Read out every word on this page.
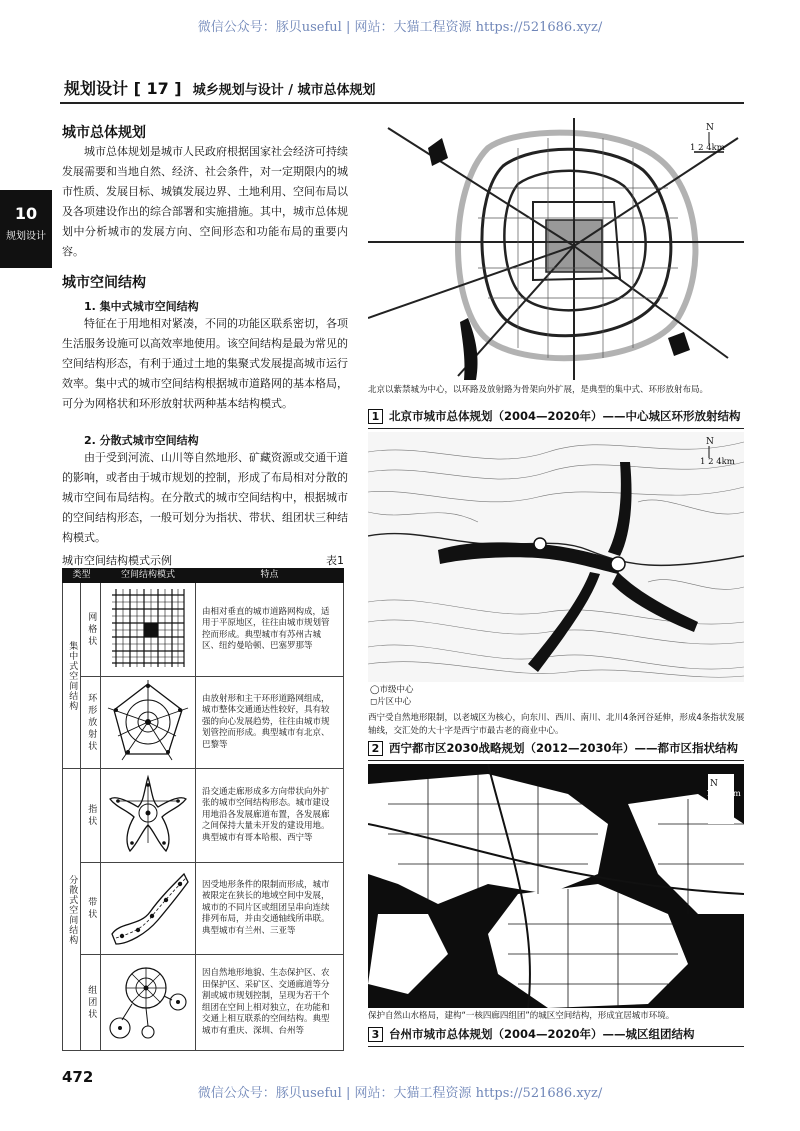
微信公众号：豚贝useful | 网站：大猫工程资源 https://521686.xyz/
规划设计 [ 17 ] 城乡规划与设计 / 城市总体规划
10
规划设计
城市总体规划
城市总体规划是城市人民政府根据国家社会经济可持续发展需要和当地自然、经济、社会条件，对一定期限内的城市性质、发展目标、城镇发展边界、土地利用、空间布局以及各项建设作出的综合部署和实施措施。其中，城市总体规划中分析城市的发展方向、空间形态和功能布局的重要内容。
城市空间结构
1. 集中式城市空间结构
特征在于用地相对紧凑，不同的功能区联系密切，各项生活服务设施可以高效率地使用。该空间结构是最为常见的空间结构形态，有利于通过土地的集聚式发展提高城市运行效率。集中式的城市空间结构根据城市道路网的基本格局，可分为网格状和环形放射状两种基本结构模式。
2. 分散式城市空间结构
由于受到河流、山川等自然地形、矿藏资源或交通干道的影响，或者由于城市规划的控制，形成了布局相对分散的城市空间布局结构。在分散式的城市空间结构中，根据城市的空间结构形态，一般可划分为指状、带状、组团状三种结构模式。
城市空间结构模式示例	表1
类型		空间结构模式	特点
集中式空间结构	网格状		由相对垂直的城市道路网构成，适用于平原地区，往往由城市规划管控而形成。典型城市有苏州古城区、纽约曼哈顿、巴塞罗那等
	环形放射状		由放射形和主干环形道路网组成，城市整体交通通达性较好，具有较强的向心发展趋势，往往由城市规划管控而形成。典型城市有北京、巴黎等
分散式空间结构	指状		沿交通走廊形成多方向带状向外扩张的城市空间结构形态。城市建设用地沿各发展廊道布置，各发展廊之间保持大量未开发的建设用地。典型城市有哥本哈根、西宁等
	带状		因受地形条件的限制而形成，城市被限定在狭长的地域空间中发展，城市的不同片区或组团呈串向连续排列布局，并由交通轴线所串联。典型城市有兰州、三亚等
	组团状		因自然地形地貌、生态保护区、农田保护区、采矿区、交通廊道等分割或城市规划控制，呈现为若干个组团在空间上相对独立，在功能和交通上相互联系的空间结构。典型城市有重庆、深圳、台州等
N
1 2 4km
北京以紫禁城为中心，以环路及放射路为骨架向外扩展，是典型的集中式、环形放射布局。
1 北京市城市总体规划（2004—2020年）——中心城区环形放射结构
N
1 2 4km
◯市级中心
◻片区中心
西宁受自然地形限制，以老城区为核心，向东川、西川、南川、北川4条河谷延伸，形成4条指状发展轴线，交汇处的大十字是西宁市最古老的商业中心。
2 西宁都市区2030战略规划（2012—2030年）——都市区指状结构
N
1 2 4km
保护自然山水格局，建构“一核四廊四组团”的城区空间结构，形成宜居城市环境。
3 台州市城市总体规划（2004—2020年）——城区组团结构
472
微信公众号：豚贝useful | 网站：大猫工程资源 https://521686.xyz/
